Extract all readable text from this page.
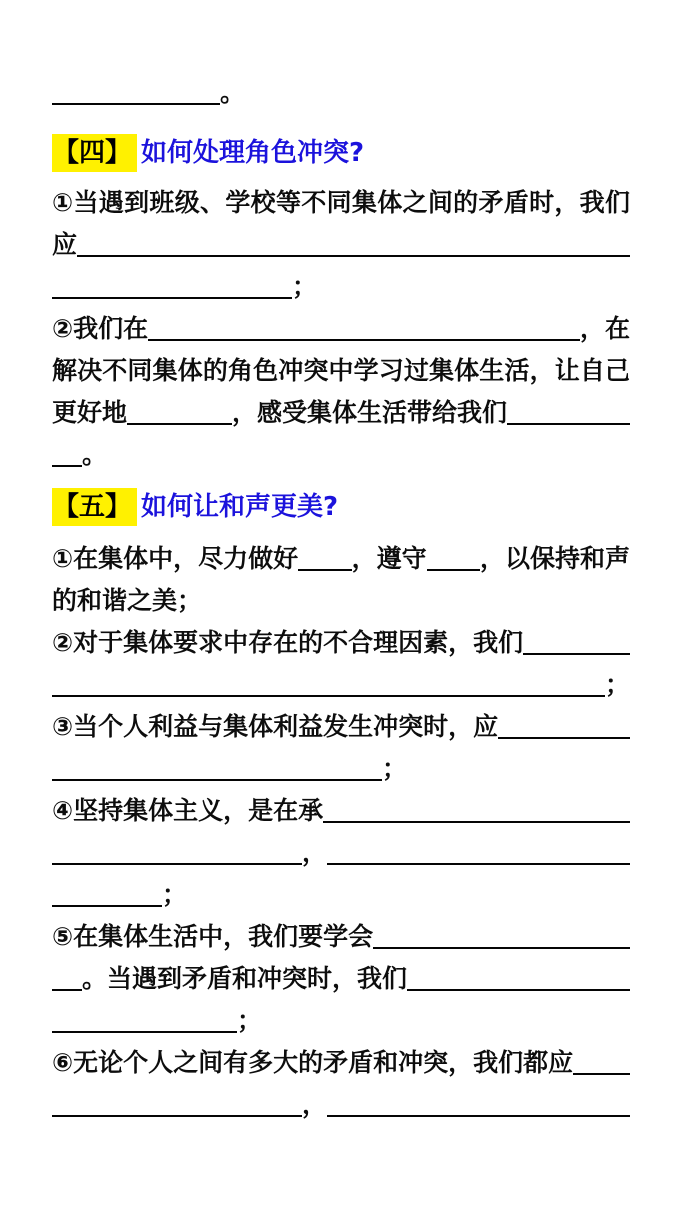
。
【四】 如何处理角色冲突?
①当遇到班级、学校等不同集体之间的矛盾时，我们
应
；
②我们在	，在
解决不同集体的角色冲突中学习过集体生活，让自己
更好地	，感受集体生活带给我们
。
【五】 如何让和声更美?
①在集体中，尽力做好 ，遵守 ，以保持和声
的和谐之美；
②对于集体要求中存在的不合理因素，我们
；
③当个人利益与集体利益发生冲突时，应
；
④坚持集体主义，是在承
，
；
⑤在集体生活中，我们要学会
。当遇到矛盾和冲突时，我们
；
⑥无论个人之间有多大的矛盾和冲突，我们都应
，
